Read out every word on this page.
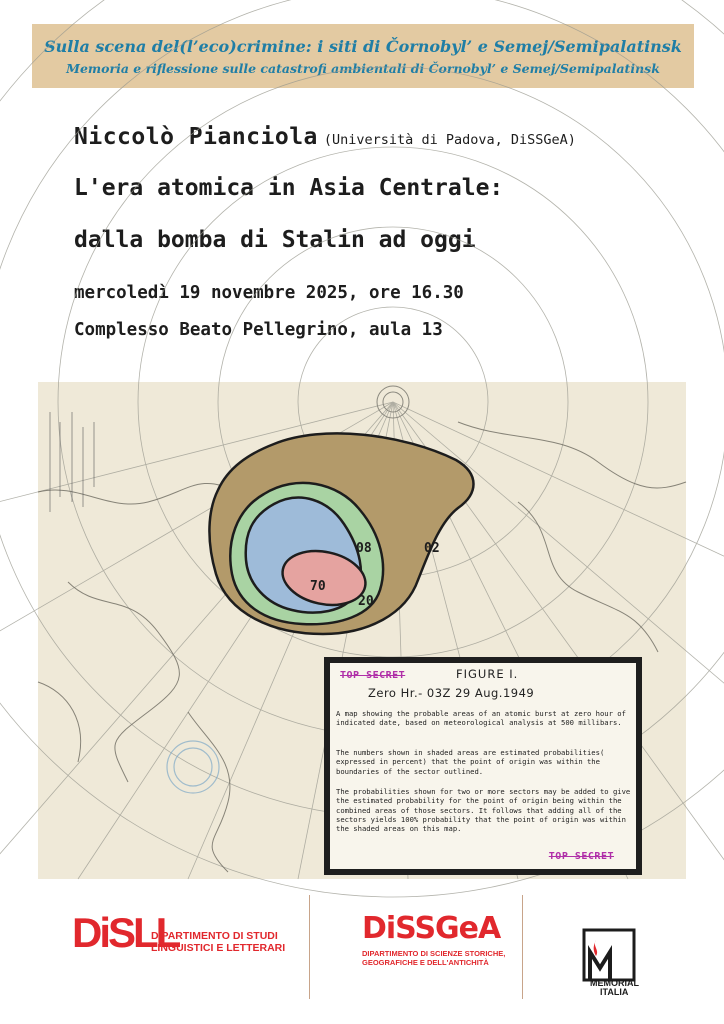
Sulla scena del(l’eco)crimine: i siti di Čornobyl’ e Semej/Semipalatinsk
Memoria e riflessione sulle catastrofi ambientali di Čornobyl’ e Semej/Semipalatinsk
Niccolò Pianciola (Università di Padova, DiSSGeA)
L'era atomica in Asia Centrale:
dalla bomba di Stalin ad oggi
mercoledì 19 novembre 2025, ore 16.30
Complesso Beato Pellegrino, aula 13
70
20
08	02
TOP SECRET	FIGURE I.
Zero Hr.- 03Z 29 Aug.1949
A map showing the probable areas of an atomic burst at zero hour of indicated date, based on meteorological analysis at 500 millibars.
The numbers shown in shaded areas are estimated probabilities( expressed in percent) that the point of origin was within the boundaries of the sector outlined.
The probabilities shown for two or more sectors may be added to give the estimated probability for the point of origin being within the combined areas of those sectors. It follows that adding all of the sectors yields 100% probability that the point of origin was within the shaded areas on this map.
TOP SECRET
DiSLL
DIPARTIMENTO DI STUDI
LINGUISTICI E LETTERARI
DiSSGeA
DIPARTIMENTO DI SCIENZE STORICHE,
GEOGRAFICHE E DELL'ANTICHITÀ
MEMORIAL
ITALIA
